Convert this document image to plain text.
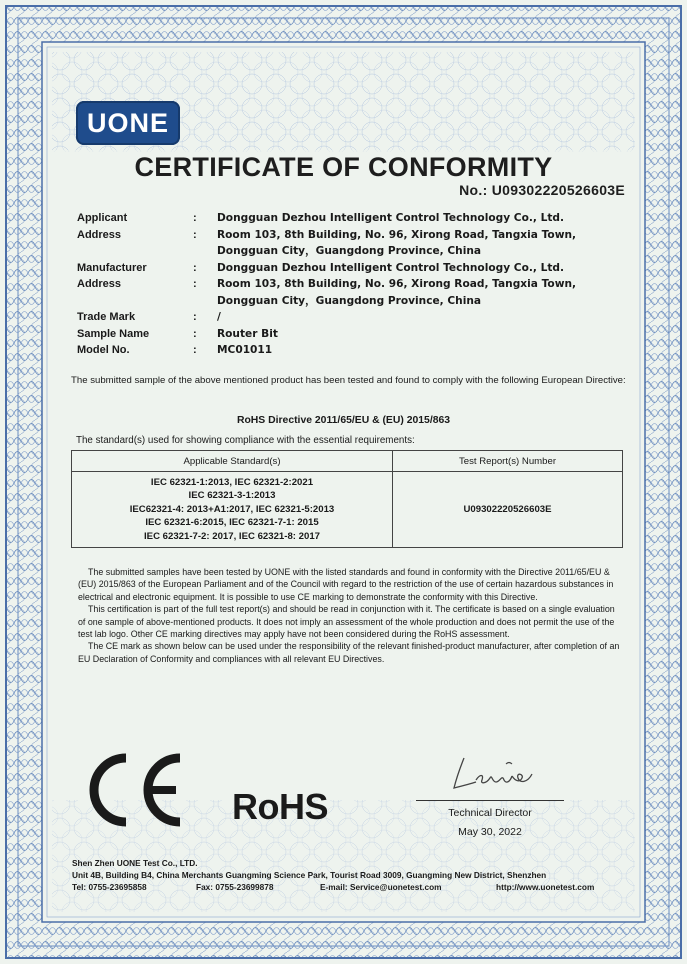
UONE
CERTIFICATE OF CONFORMITY
No.: U09302220526603E
Applicant	:	Dongguan Dezhou Intelligent Control Technology Co., Ltd.
Address	:	Room 103, 8th Building, No. 96, Xirong Road, Tangxia Town,
Dongguan City，Guangdong Province, China
Manufacturer	:	Dongguan Dezhou Intelligent Control Technology Co., Ltd.
Address	:	Room 103, 8th Building, No. 96, Xirong Road, Tangxia Town,
Dongguan City，Guangdong Province, China
Trade Mark	:	/
Sample Name	:	Router Bit
Model No.	:	MC01011
The submitted sample of the above mentioned product has been tested and found to comply with the following European Directive:
RoHS Directive 2011/65/EU & (EU) 2015/863
The standard(s) used for showing compliance with the essential requirements:
Applicable Standard(s)	Test Report(s) Number

IEC 62321-1:2013, IEC 62321-2:2021
IEC 62321-3-1:2013
IEC62321-4: 2013+A1:2017, IEC 62321-5:2013
IEC 62321-6:2015, IEC 62321-7-1: 2015
IEC 62321-7-2: 2017, IEC 62321-8: 2017	U09302220526603E

The submitted samples have been tested by UONE with the listed standards and found in conformity with the Directive 2011/65/EU & (EU) 2015/863 of the European Parliament and of the Council with regard to the restriction of the use of certain hazardous substances in electrical and electronic equipment. It is possible to use CE marking to demonstrate the conformity with this Directive.

This certification is part of the full test report(s) and should be read in conjunction with it. The certificate is based on a single evaluation of one sample of above-mentioned products. It does not imply an assessment of the whole production and does not permit the use of the test lab logo. Other CE marking directives may apply have not been considered during the RoHS assessment.

The CE mark as shown below can be used under the responsibility of the relevant finished-product manufacturer, after completion of an EU Declaration of Conformity and compliances with all relevant EU Directives.

RoHS	Technical Director
May 30, 2022
Shen Zhen UONE Test Co., LTD.
Unit 4B, Building B4, China Merchants Guangming Science Park, Tourist Road 3009, Guangming New District, Shenzhen
Tel: 0755-23695858	Fax: 0755-23699878	E-mail: Service@uonetest.com	http://www.uonetest.com
